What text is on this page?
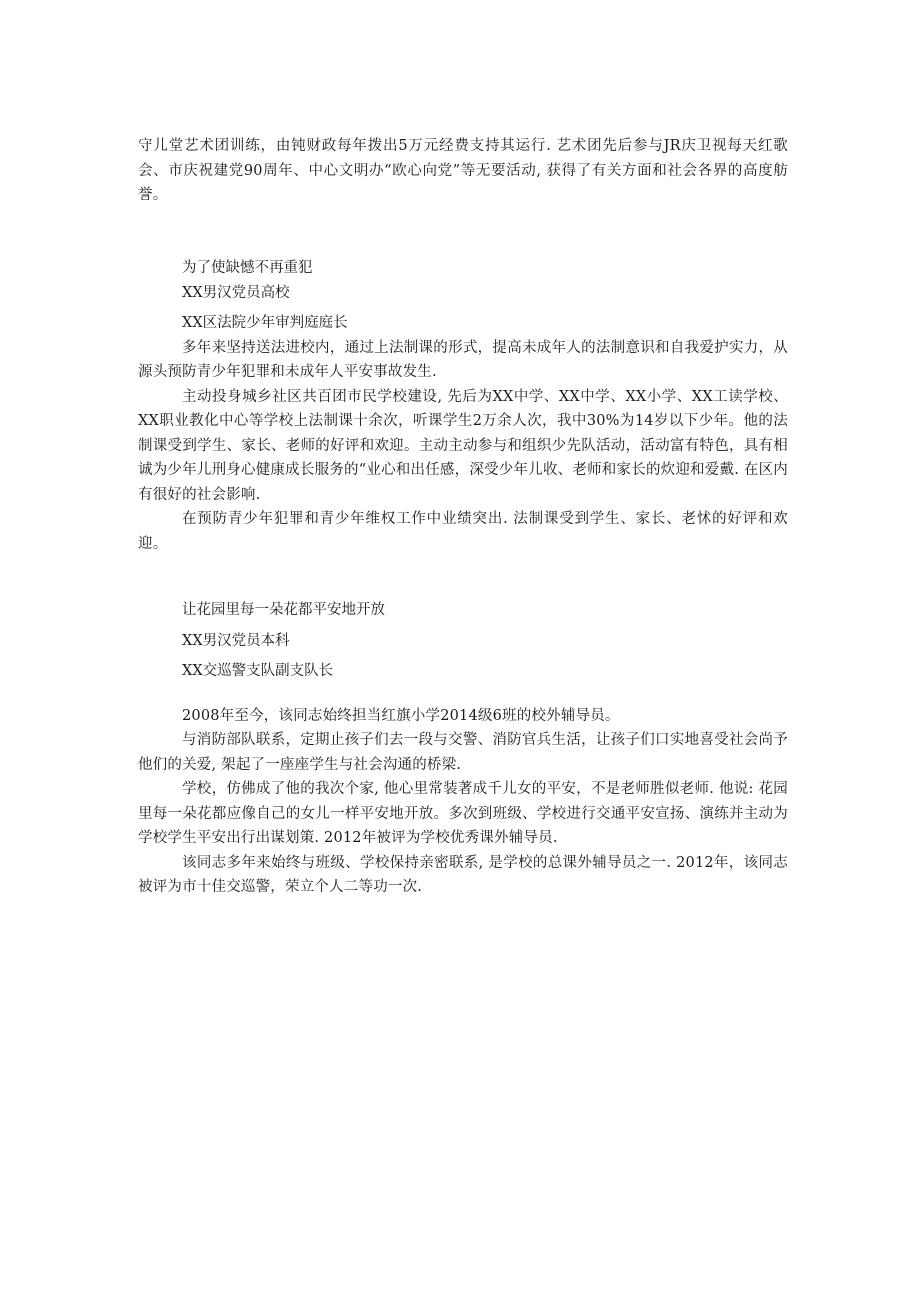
守儿堂艺术团训练，由钝财政每年拨出5万元经费支持其运行. 艺术团先后参与JR庆卫视每天红歌会、市庆祝建党90周年、中心文明办“欧心向党”等无要活动, 获得了有关方面和社会各界的高度舫誉。

为了使缺憾不再重犯
XX男汉党员高校
XX区法院少年审判庭庭长

多年来坚持送法进校内，通过上法制课的形式，提高未成年人的法制意识和自我爱护实力，从源头预防青少年犯罪和未成年人平安事故发生.

主动投身城乡社区共百团市民学校建设, 先后为XX中学、XX中学、XX小学、XX工读学校、XX职业教化中心等学校上法制课十余次，听课学生2万余人次，我中30%为14岁以下少年。他的法制课受到学生、家长、老师的好评和欢迎。主动主动参与和组织少先队活动，活动富有特色，具有相诚为少年儿刑身心健康成长服务的“业心和出任感，深受少年儿收、老师和家长的炊迎和爱戴. 在区内有很好的社会影响.

在预防青少年犯罪和青少年维权工作中业绩突出. 法制课受到学生、家长、老怵的好评和欢迎。

让花园里每一朵花都平安地开放
XX男汉党员本科
XX交巡警支队副支队长

2008年至今，该同志始终担当红旗小学2014级6班的校外辅导员。

与消防部队联系，定期止孩子们去一段与交警、消防官兵生活，让孩子们口实地喜受社会尚予他们的关爱, 架起了一座座学生与社会沟通的桥梁.

学校，仿佛成了他的我次个家, 他心里常装著成千儿女的平安，不是老师胜似老师. 他说: 花园里每一朵花都应像自己的女儿一样平安地开放。多次到班级、学校进行交通平安宣扬、演练并主动为学校学生平安出行出谋划策. 2012年被评为学校优秀课外辅导员.

该同志多年来始终与班级、学校保持亲密联系, 是学校的总课外辅导员之一. 2012年，该同志被评为市十佳交巡警，荣立个人二等功一次.
